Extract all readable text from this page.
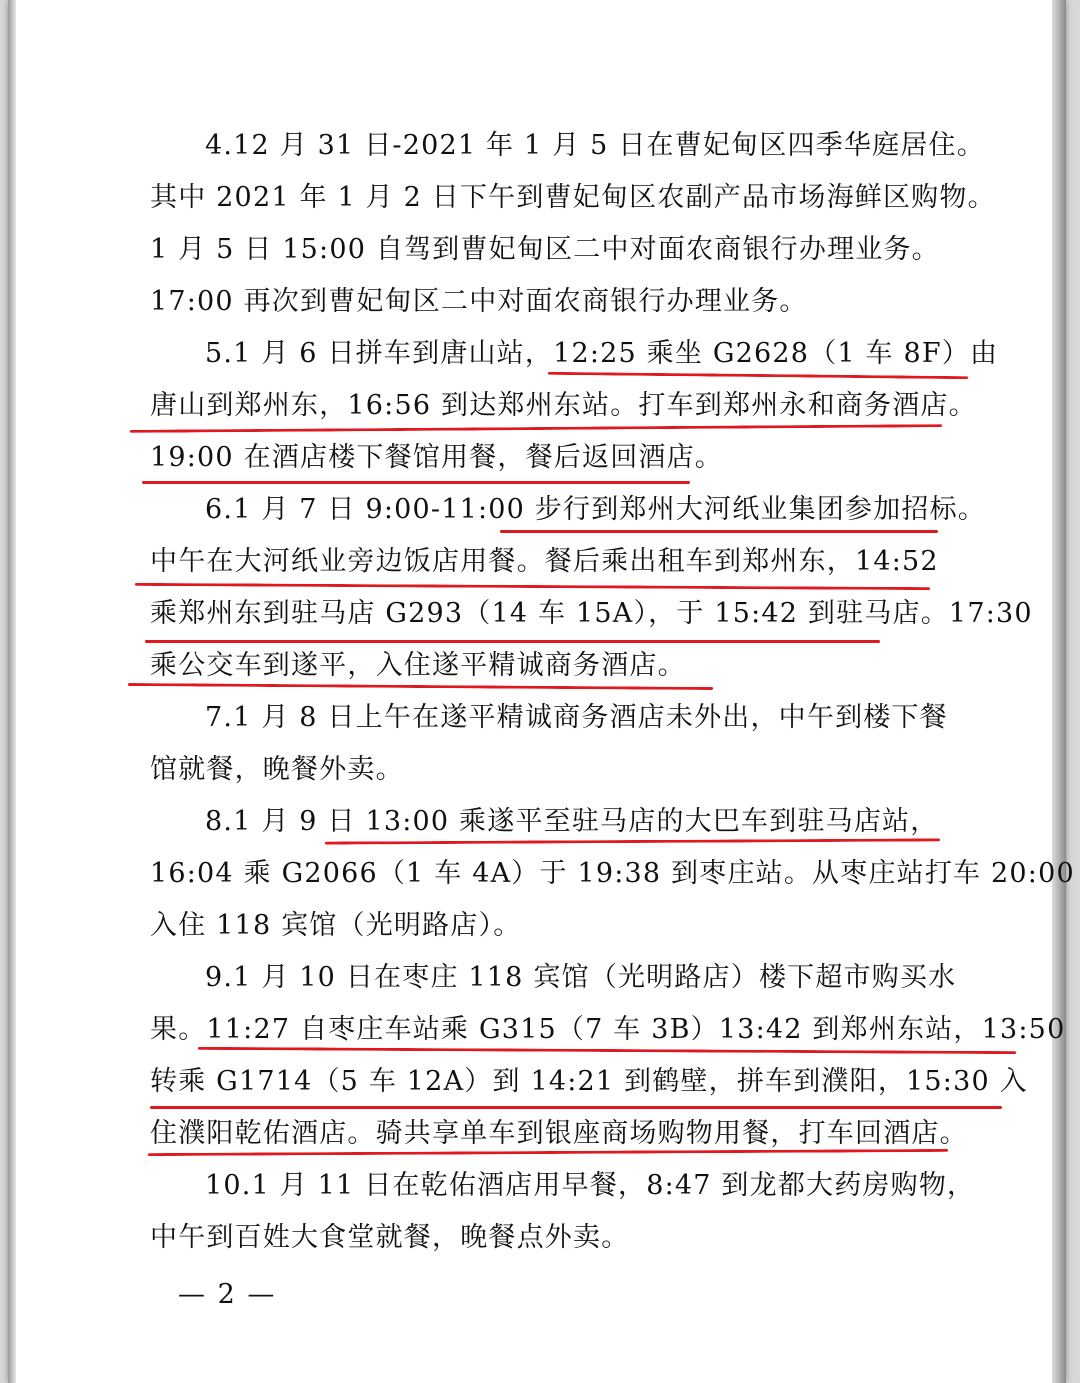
4.12 月 31 日-2021 年 1 月 5 日在曹妃甸区四季华庭居住。
其中 2021 年 1 月 2 日下午到曹妃甸区农副产品市场海鲜区购物。
1 月 5 日 15:00 自驾到曹妃甸区二中对面农商银行办理业务。
17:00 再次到曹妃甸区二中对面农商银行办理业务。
5.1 月 6 日拼车到唐山站，12:25 乘坐 G2628（1 车 8F）由
唐山到郑州东，16:56 到达郑州东站。打车到郑州永和商务酒店。
19:00 在酒店楼下餐馆用餐，餐后返回酒店。
6.1 月 7 日 9:00-11:00 步行到郑州大河纸业集团参加招标。
中午在大河纸业旁边饭店用餐。餐后乘出租车到郑州东，14:52
乘郑州东到驻马店 G293（14 车 15A），于 15:42 到驻马店。17:30
乘公交车到遂平，入住遂平精诚商务酒店。
7.1 月 8 日上午在遂平精诚商务酒店未外出，中午到楼下餐
馆就餐，晚餐外卖。
8.1 月 9 日 13:00 乘遂平至驻马店的大巴车到驻马店站，
16:04 乘 G2066（1 车 4A）于 19:38 到枣庄站。从枣庄站打车 20:00
入住 118 宾馆（光明路店）。
9.1 月 10 日在枣庄 118 宾馆（光明路店）楼下超市购买水
果。11:27 自枣庄车站乘 G315（7 车 3B）13:42 到郑州东站，13:50
转乘 G1714（5 车 12A）到 14:21 到鹤壁，拼车到濮阳，15:30 入
住濮阳乾佑酒店。骑共享单车到银座商场购物用餐，打车回酒店。
10.1 月 11 日在乾佑酒店用早餐，8:47 到龙都大药房购物，
中午到百姓大食堂就餐，晚餐点外卖。
— 2 —
